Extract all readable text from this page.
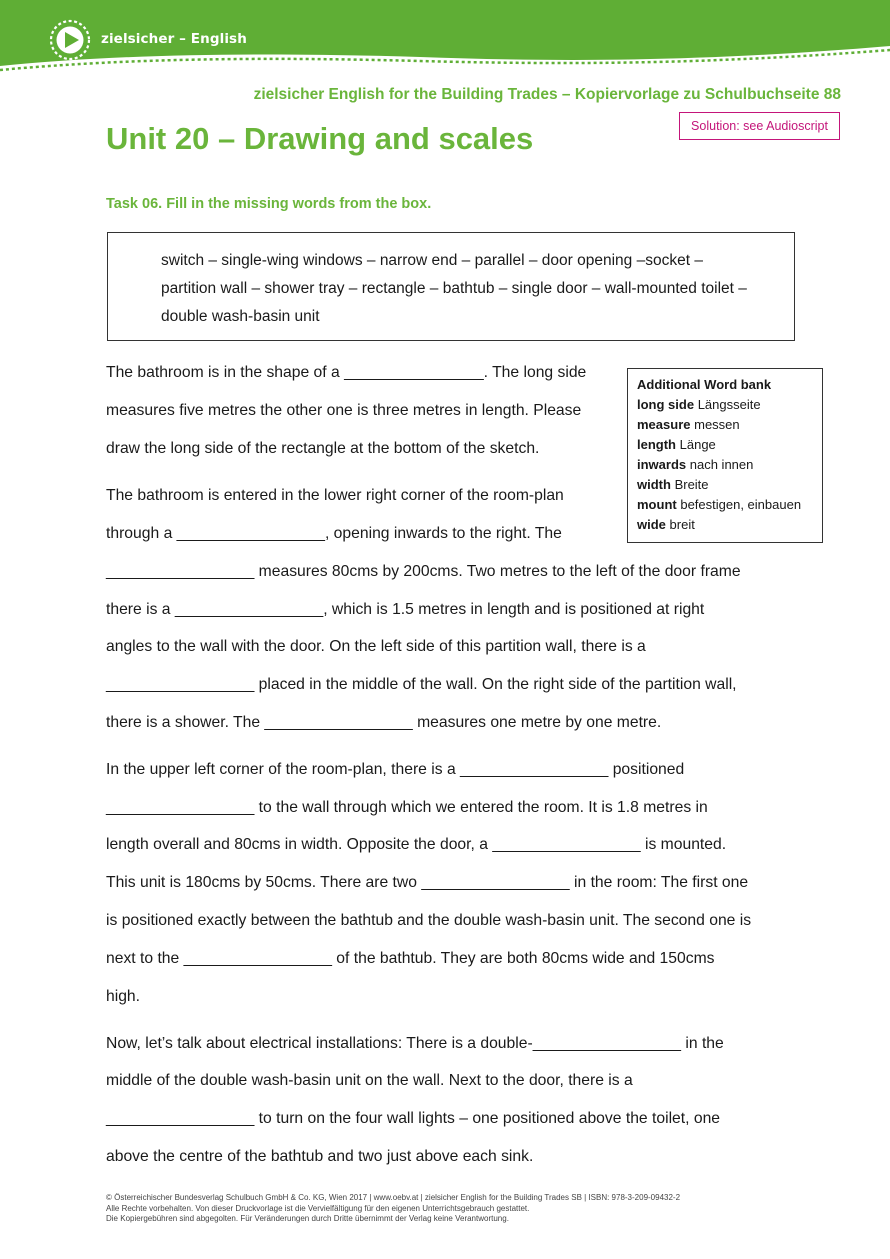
zielsicher – English
zielsicher English for the Building Trades – Kopiervorlage zu Schulbuchseite 88
Solution: see Audioscript
Unit 20 – Drawing and scales
Task 06. Fill in the missing words from the box.
switch – single-wing windows – narrow end – parallel – door opening –socket –
partition wall – shower tray – rectangle – bathtub – single door – wall-mounted toilet –
double wash-basin unit
Additional Word bank
long side Längsseite
measure messen
length Länge
inwards nach innen
width Breite
mount befestigen, einbauen
wide breit
The bathroom is in the shape of a ________________. The long side
measures five metres the other one is three metres in length. Please
draw the long side of the rectangle at the bottom of the sketch.
The bathroom is entered in the lower right corner of the room-plan
through a _________________, opening inwards to the right. The
_________________ measures 80cms by 200cms. Two metres to the left of the door frame
there is a _________________, which is 1.5 metres in length and is positioned at right
angles to the wall with the door. On the left side of this partition wall, there is a
_________________ placed in the middle of the wall. On the right side of the partition wall,
there is a shower. The _________________ measures one metre by one metre.
In the upper left corner of the room-plan, there is a _________________ positioned
_________________ to the wall through which we entered the room. It is 1.8 metres in
length overall and 80cms in width. Opposite the door, a _________________ is mounted.
This unit is 180cms by 50cms. There are two _________________ in the room: The first one
is positioned exactly between the bathtub and the double wash-basin unit. The second one is
next to the _________________ of the bathtub. They are both 80cms wide and 150cms
high.
Now, let’s talk about electrical installations: There is a double-_________________ in the
middle of the double wash-basin unit on the wall. Next to the door, there is a
_________________ to turn on the four wall lights – one positioned above the toilet, one
above the centre of the bathtub and two just above each sink.
© Österreichischer Bundesverlag Schulbuch GmbH & Co. KG, Wien 2017 | www.oebv.at | zielsicher English for the Building Trades SB | ISBN: 978-3-209-09432-2
Alle Rechte vorbehalten. Von dieser Druckvorlage ist die Vervielfältigung für den eigenen Unterrichtsgebrauch gestattet.
Die Kopiergebühren sind abgegolten. Für Veränderungen durch Dritte übernimmt der Verlag keine Verantwortung.
